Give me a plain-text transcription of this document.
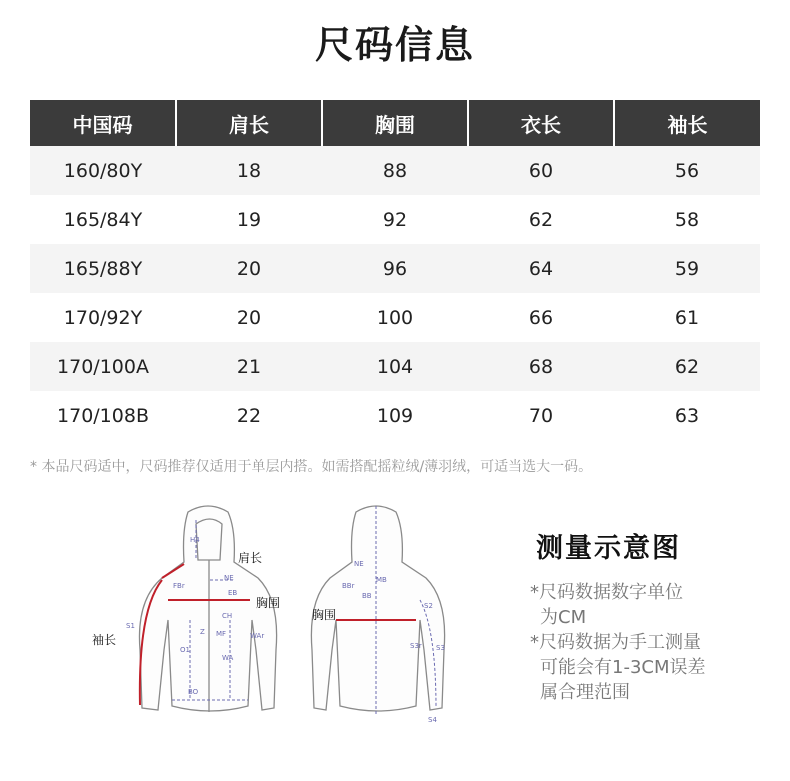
尺码信息
中国码	肩长	胸围	衣长	袖长
160/80Y	18	88	60	56
165/84Y	19	92	62	58
165/88Y	20	96	64	59
170/92Y	20	100	66	61
170/100A	21	104	68	62
170/108B	22	109	70	63
* 本品尺码适中，尺码推荐仅适用于单层内搭。如需搭配摇粒绒/薄羽绒，可适当选大一码。
H4
NE
FBr
EB
CH
S1
Z MF	WAr
O1
WA
BO
肩长
胸围
袖长
NE
BBr
MB
BB
S2
S3r S3
S4
胸围
测量示意图
*尺码数据数字单位
为CM
*尺码数据为手工测量
可能会有1-3CM误差
属合理范围
